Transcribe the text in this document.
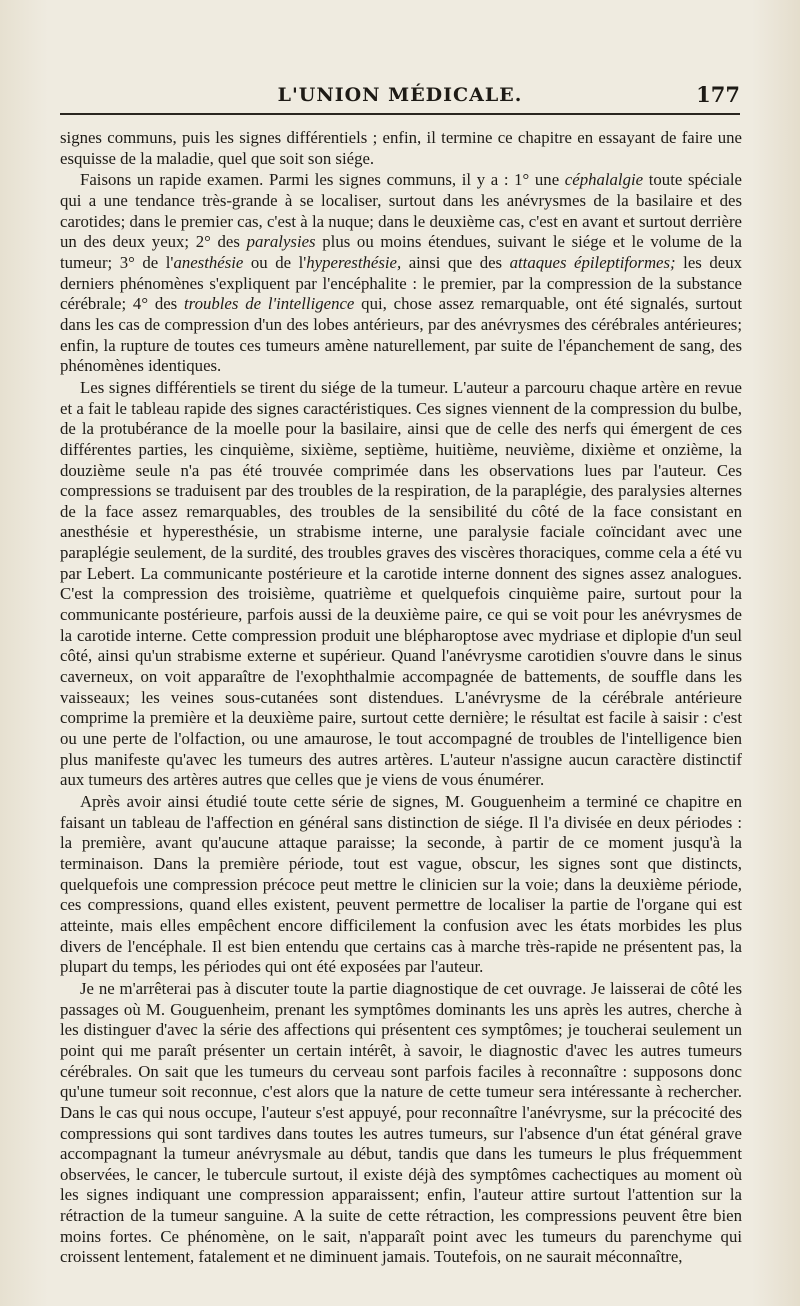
L'UNION MÉDICALE.	177

signes communs, puis les signes différentiels ; enfin, il termine ce chapitre en essayant de faire une esquisse de la maladie, quel que soit son siége.

Faisons un rapide examen. Parmi les signes communs, il y a : 1° une céphalalgie toute spéciale qui a une tendance très-grande à se localiser, surtout dans les anévrysmes de la basilaire et des carotides; dans le premier cas, c'est à la nuque; dans le deuxième cas, c'est en avant et surtout derrière un des deux yeux; 2° des paralysies plus ou moins étendues, suivant le siége et le volume de la tumeur; 3° de l'anesthésie ou de l'hyperesthésie, ainsi que des attaques épileptiformes; les deux derniers phénomènes s'expliquent par l'encéphalite : le premier, par la compression de la substance cérébrale; 4° des troubles de l'intelligence qui, chose assez remarquable, ont été signalés, surtout dans les cas de compression d'un des lobes antérieurs, par des anévrysmes des cérébrales antérieures; enfin, la rupture de toutes ces tumeurs amène naturellement, par suite de l'épanchement de sang, des phénomènes identiques.

Les signes différentiels se tirent du siége de la tumeur. L'auteur a parcouru chaque artère en revue et a fait le tableau rapide des signes caractéristiques. Ces signes viennent de la compression du bulbe, de la protubérance de la moelle pour la basilaire, ainsi que de celle des nerfs qui émergent de ces différentes parties, les cinquième, sixième, septième, huitième, neuvième, dixième et onzième, la douzième seule n'a pas été trouvée comprimée dans les observations lues par l'auteur. Ces compressions se traduisent par des troubles de la respiration, de la paraplégie, des paralysies alternes de la face assez remarquables, des troubles de la sensibilité du côté de la face consistant en anesthésie et hyperesthésie, un strabisme interne, une paralysie faciale coïncidant avec une paraplégie seulement, de la surdité, des troubles graves des viscères thoraciques, comme cela a été vu par Lebert. La communicante postérieure et la carotide interne donnent des signes assez analogues. C'est la compression des troisième, quatrième et quelquefois cinquième paire, surtout pour la communicante postérieure, parfois aussi de la deuxième paire, ce qui se voit pour les anévrysmes de la carotide interne. Cette compression produit une blépharoptose avec mydriase et diplopie d'un seul côté, ainsi qu'un strabisme externe et supérieur. Quand l'anévrysme carotidien s'ouvre dans le sinus caverneux, on voit apparaître de l'exophthalmie accompagnée de battements, de souffle dans les vaisseaux; les veines sous-cutanées sont distendues. L'anévrysme de la cérébrale antérieure comprime la première et la deuxième paire, surtout cette dernière; le résultat est facile à saisir : c'est ou une perte de l'olfaction, ou une amaurose, le tout accompagné de troubles de l'intelligence bien plus manifeste qu'avec les tumeurs des autres artères. L'auteur n'assigne aucun caractère distinctif aux tumeurs des artères autres que celles que je viens de vous énumérer.

Après avoir ainsi étudié toute cette série de signes, M. Gouguenheim a terminé ce chapitre en faisant un tableau de l'affection en général sans distinction de siége. Il l'a divisée en deux périodes : la première, avant qu'aucune attaque paraisse; la seconde, à partir de ce moment jusqu'à la terminaison. Dans la première période, tout est vague, obscur, les signes sont que distincts, quelquefois une compression précoce peut mettre le clinicien sur la voie; dans la deuxième période, ces compressions, quand elles existent, peuvent permettre de localiser la partie de l'organe qui est atteinte, mais elles empêchent encore difficilement la confusion avec les états morbides les plus divers de l'encéphale. Il est bien entendu que certains cas à marche très-rapide ne présentent pas, la plupart du temps, les périodes qui ont été exposées par l'auteur.

Je ne m'arrêterai pas à discuter toute la partie diagnostique de cet ouvrage. Je laisserai de côté les passages où M. Gouguenheim, prenant les symptômes dominants les uns après les autres, cherche à les distinguer d'avec la série des affections qui présentent ces symptômes; je toucherai seulement un point qui me paraît présenter un certain intérêt, à savoir, le diagnostic d'avec les autres tumeurs cérébrales. On sait que les tumeurs du cerveau sont parfois faciles à reconnaître : supposons donc qu'une tumeur soit reconnue, c'est alors que la nature de cette tumeur sera intéressante à rechercher. Dans le cas qui nous occupe, l'auteur s'est appuyé, pour reconnaître l'anévrysme, sur la précocité des compressions qui sont tardives dans toutes les autres tumeurs, sur l'absence d'un état général grave accompagnant la tumeur anévrysmale au début, tandis que dans les tumeurs le plus fréquemment observées, le cancer, le tubercule surtout, il existe déjà des symptômes cachectiques au moment où les signes indiquant une compression apparaissent; enfin, l'auteur attire surtout l'attention sur la rétraction de la tumeur sanguine. A la suite de cette rétraction, les compressions peuvent être bien moins fortes. Ce phénomène, on le sait, n'apparaît point avec les tumeurs du parenchyme qui croissent lentement, fatalement et ne diminuent jamais. Toutefois, on ne saurait méconnaître,
